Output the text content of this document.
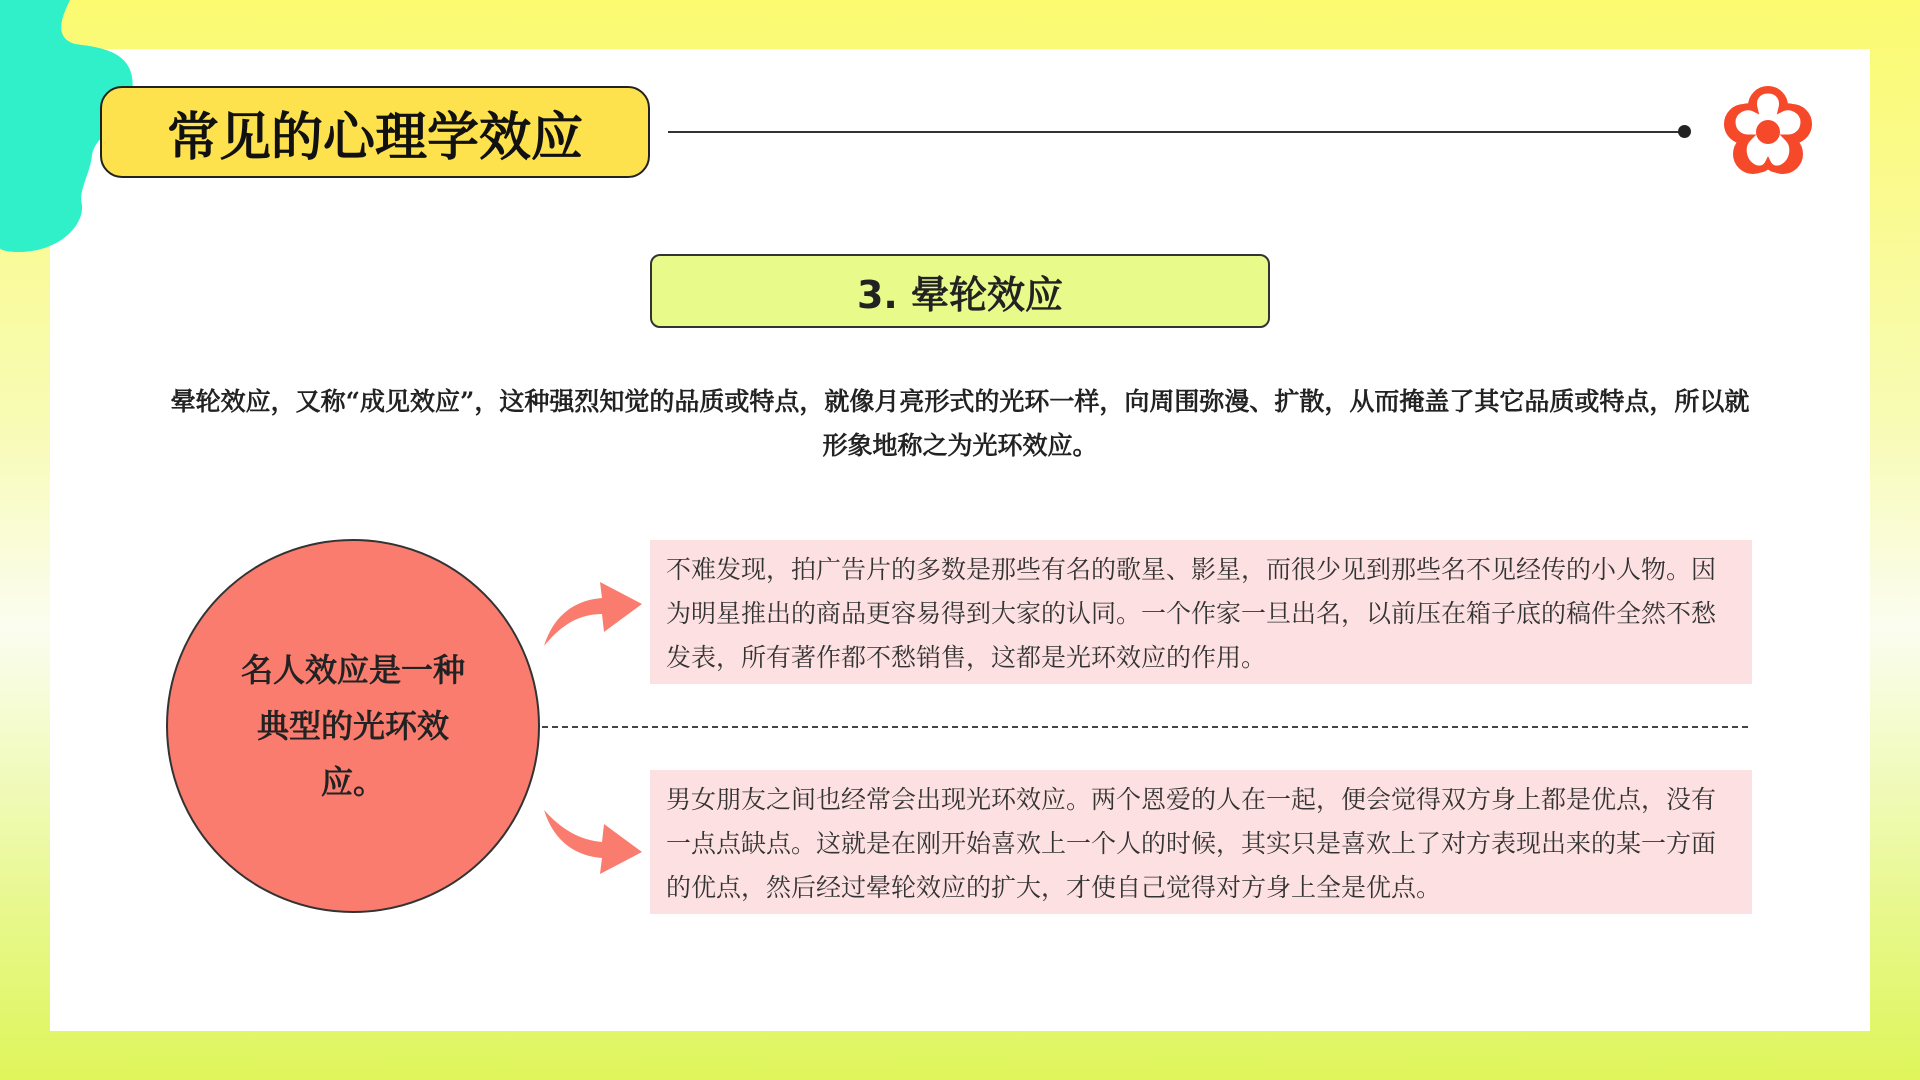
常见的心理学效应
3. 晕轮效应
晕轮效应，又称“成见效应”，这种强烈知觉的品质或特点，就像月亮形式的光环一样，向周围弥漫、扩散，从而掩盖了其它品质或特点，所以就形象地称之为光环效应。
名人效应是一种典型的光环效应。
不难发现，拍广告片的多数是那些有名的歌星、影星，而很少见到那些名不见经传的小人物。因为明星推出的商品更容易得到大家的认同。一个作家一旦出名，以前压在箱子底的稿件全然不愁发表，所有著作都不愁销售，这都是光环效应的作用。
男女朋友之间也经常会出现光环效应。两个恩爱的人在一起，便会觉得双方身上都是优点，没有一点点缺点。这就是在刚开始喜欢上一个人的时候，其实只是喜欢上了对方表现出来的某一方面的优点，然后经过晕轮效应的扩大，才使自己觉得对方身上全是优点。
